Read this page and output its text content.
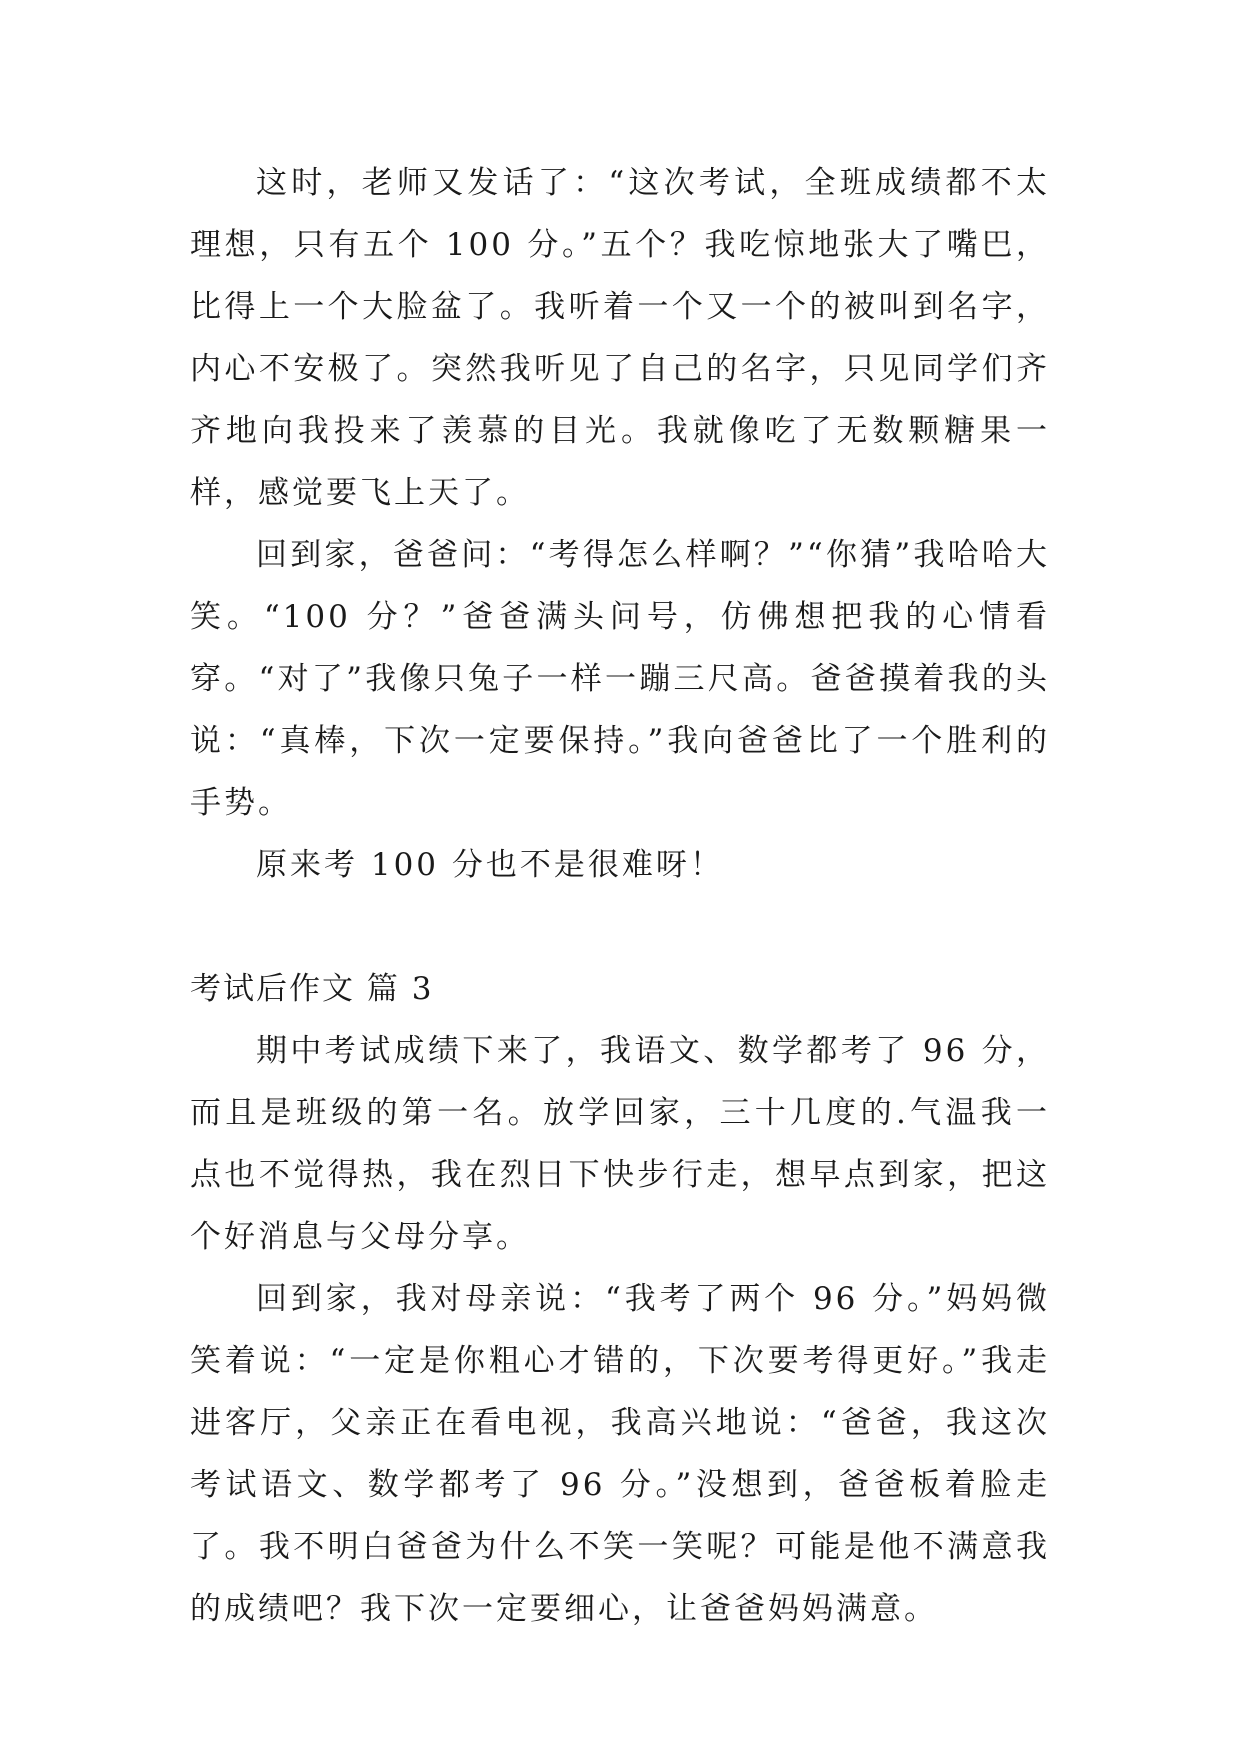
这时，老师又发话了：“这次考试，全班成绩都不太理想，只有五个 100 分。”五个？我吃惊地张大了嘴巴，比得上一个大脸盆了。我听着一个又一个的被叫到名字，内心不安极了。突然我听见了自己的名字，只见同学们齐齐地向我投来了羡慕的目光。我就像吃了无数颗糖果一样，感觉要飞上天了。

回到家，爸爸问：“考得怎么样啊？”“你猜”我哈哈大笑。“100 分？”爸爸满头问号，仿佛想把我的心情看穿。“对了”我像只兔子一样一蹦三尺高。爸爸摸着我的头说：“真棒，下次一定要保持。”我向爸爸比了一个胜利的手势。

原来考 100 分也不是很难呀！

考试后作文 篇 3

期中考试成绩下来了，我语文、数学都考了 96 分，而且是班级的第一名。放学回家，三十几度的.气温我一点也不觉得热，我在烈日下快步行走，想早点到家，把这个好消息与父母分享。

回到家，我对母亲说：“我考了两个 96 分。”妈妈微笑着说：“一定是你粗心才错的，下次要考得更好。”我走进客厅，父亲正在看电视，我高兴地说：“爸爸，我这次考试语文、数学都考了 96 分。”没想到，爸爸板着脸走了。我不明白爸爸为什么不笑一笑呢？可能是他不满意我的成绩吧？我下次一定要细心，让爸爸妈妈满意。
